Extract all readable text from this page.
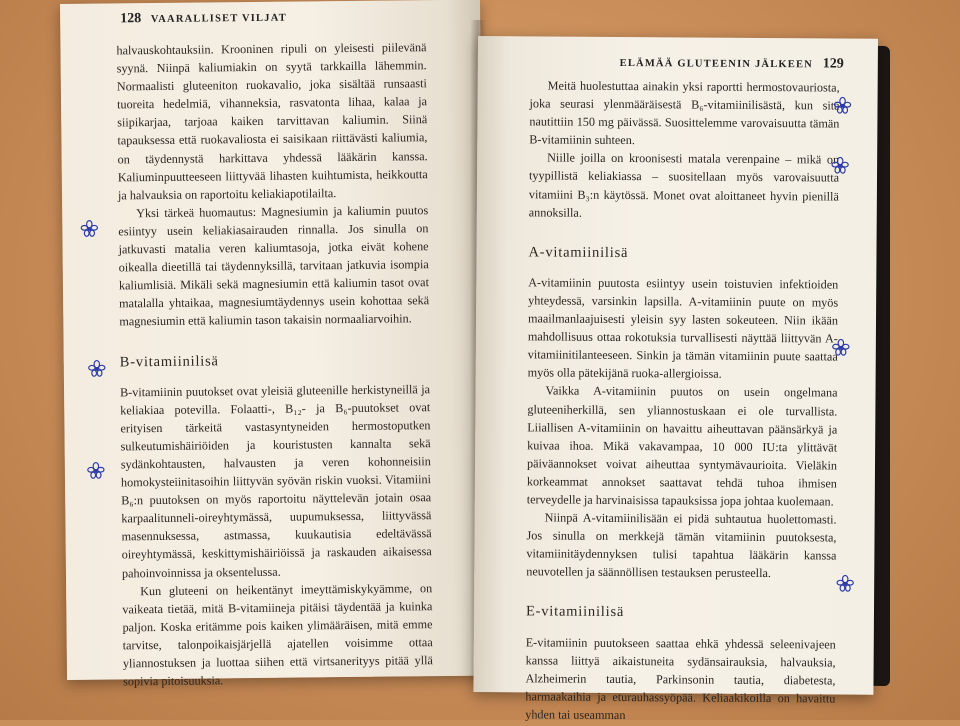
128 VAARALLISET VILJAT

halvauskohtauksiin. Krooninen ripuli on yleisesti piilevänä syynä. Niinpä kaliumiakin on syytä tarkkailla lähemmin. Normaalisti gluteeniton ruokavalio, joka sisältää runsaasti tuoreita hedelmiä, vihanneksia, rasvatonta lihaa, kalaa ja siipikarjaa, tarjoaa kaiken tarvittavan kaliumin. Siinä tapauksessa että ruokavaliosta ei saisikaan riittävästi kaliumia, on täydennystä harkittava yhdessä lääkärin kanssa. Kaliuminpuutteeseen liittyvää lihasten kuihtumista, heikkoutta ja halvauksia on raportoitu keliakiapotilailta.

Yksi tärkeä huomautus: Magnesiumin ja kaliumin puutos esiintyy usein keliakiasairauden rinnalla. Jos sinulla on jatkuvasti matalia veren kaliumtasoja, jotka eivät kohene oikealla dieetillä tai täydennyksillä, tarvitaan jatkuvia isompia kaliumlisiä. Mikäli sekä magnesiumin että kaliumin tasot ovat matalalla yhtaikaa, magnesiumtäydennys usein kohottaa sekä magnesiumin että kaliumin tason takaisin normaaliarvoihin.

B-vitamiinilisä

B-vitamiinin puutokset ovat yleisiä gluteenille herkistyneillä ja keliakiaa potevilla. Folaatti-, B₁₂- ja B₆-puutokset ovat erityisen tärkeitä vastasyntyneiden hermostoputken sulkeutumishäiriöiden ja kouristusten kannalta sekä sydänkohtausten, halvausten ja veren kohonneisiin homokysteiinitasoihin liittyvän syövän riskin vuoksi. Vitamiini B₆:n puutoksen on myös raportoitu näyttelevän jotain osaa karpaalitunneli-oireyhtymässä, uupumuksessa, liittyvässä masennuksessa, astmassa, kuukautisia edeltävässä oireyhtymässä, keskittymishäiriöissä ja raskauden aikaisessa pahoinvoinnissa ja oksentelussa.

Kun gluteeni on heikentänyt imeyttämiskykyämme, on vaikeata tietää, mitä B-vitamiineja pitäisi täydentää ja kuinka paljon. Koska eritämme pois kaiken ylimääräisen, mitä emme tarvitse, talonpoikaisjärjellä ajatellen voisimme ottaa yliannostuksen ja luottaa siihen että virtsanerityys pitää yllä sopivia pitoisuuksia.

ELÄMÄÄ GLUTEENIN JÄLKEEN 129

Meitä huolestuttaa ainakin yksi raportti hermostovauriosta, joka seurasi ylenmääräisestä B₆-vitamiinilisästä, kun sitä nautittiin 150 mg päivässä. Suosittelemme varovaisuutta tämän B-vitamiinin suhteen.

Niille joilla on kroonisesti matala verenpaine – mikä on tyypillistä keliakiassa – suositellaan myös varovaisuutta vitamiini B₃:n käytössä. Monet ovat aloittaneet hyvin pienillä annoksilla.

A-vitamiinilisä

A-vitamiinin puutosta esiintyy usein toistuvien infektioiden yhteydessä, varsinkin lapsilla. A-vitamiinin puute on myös maailmanlaajuisesti yleisin syy lasten sokeuteen. Niin ikään mahdollisuus ottaa rokotuksia turvallisesti näyttää liittyvän A-vitamiinitilanteeseen. Sinkin ja tämän vitamiinin puute saattaa myös olla pätekijänä ruoka-allergioissa.

Vaikka A-vitamiinin puutos on usein ongelmana gluteeniherkillä, sen yliannostuskaan ei ole turvallista. Liiallisen A-vitamiinin on havaittu aiheuttavan päänsärkyä ja kuivaa ihoa. Mikä vakavampaa, 10 000 IU:ta ylittävät päiväannokset voivat aiheuttaa syntymävaurioita. Vieläkin korkeammat annokset saattavat tehdä tuhoa ihmisen terveydelle ja harvinaisissa tapauksissa jopa johtaa kuolemaan.

Niinpä A-vitamiinilisään ei pidä suhtautua huolettomasti. Jos sinulla on merkkejä tämän vitamiinin puutoksesta, vitamiinitäydennyksen tulisi tapahtua lääkärin kanssa neuvotellen ja säännöllisen testauksen perusteella.

E-vitamiinilisä

E-vitamiinin puutokseen saattaa ehkä yhdessä seleenivajeen kanssa liittyä aikaistuneita sydänsairauksia, halvauksia, Alzheimerin tautia, Parkinsonin tautia, diabetesta, harmaakaihia ja eturauhassyöpää. Keliaakikoilla on havaittu yhden tai useamman
